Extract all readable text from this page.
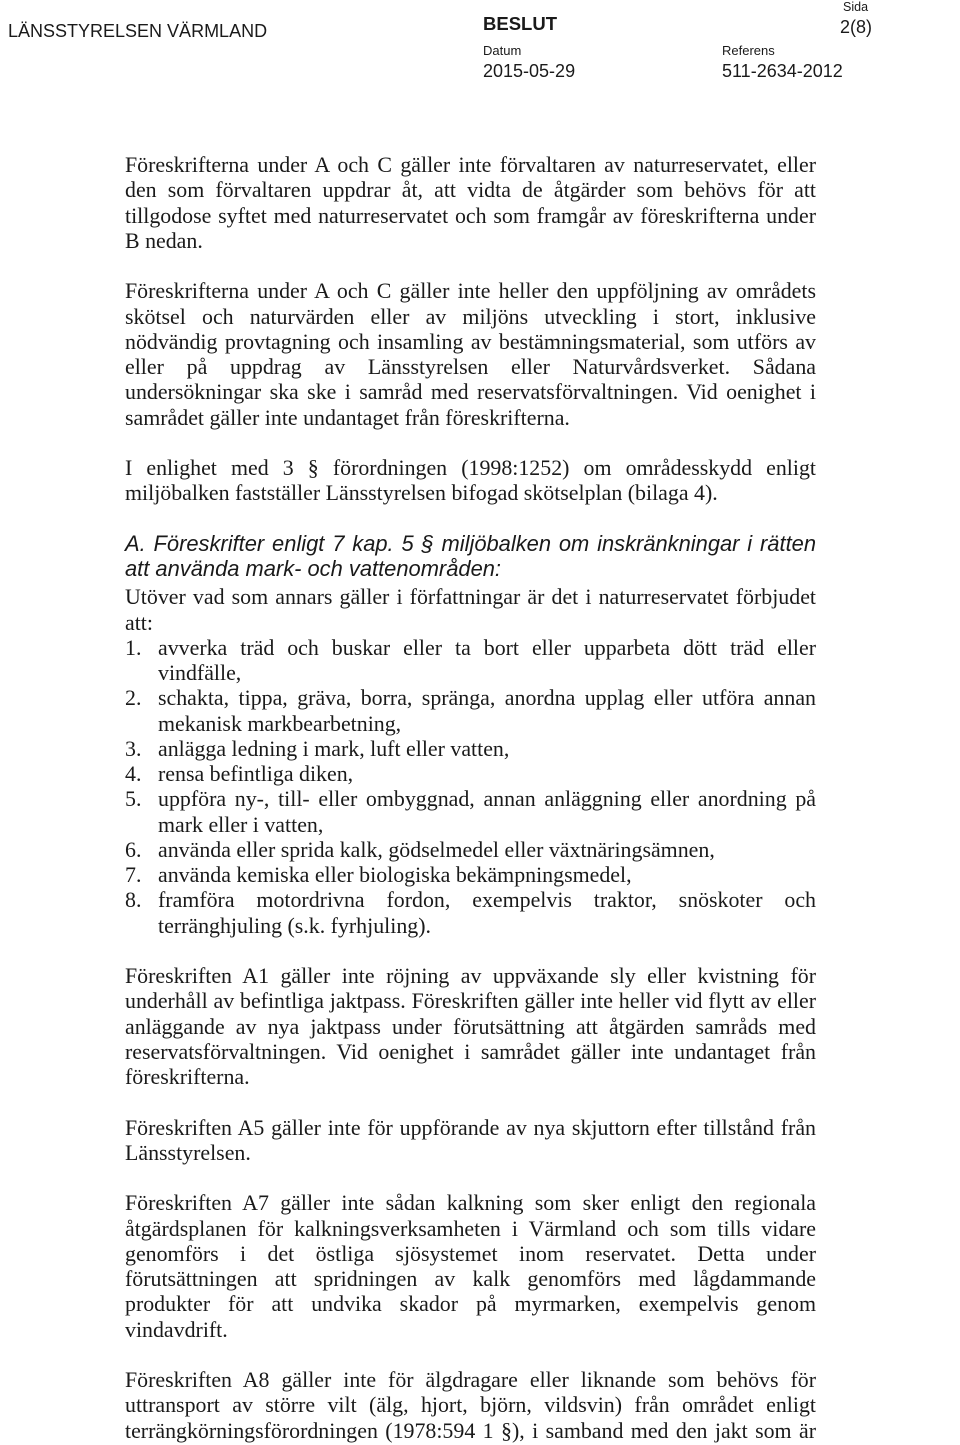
LÄNSSTYRELSEN VÄRMLAND	BESLUT
Sida
2(8)
Datum	Referens
2015-05-29	511-2634-2012
Föreskrifterna under A och C gäller inte förvaltaren av naturreservatet, eller
den som förvaltaren uppdrar åt, att vidta de åtgärder som behövs för att
tillgodose syftet med naturreservatet och som framgår av föreskrifterna under
B nedan.
Föreskrifterna under A och C gäller inte heller den uppföljning av områdets
skötsel och naturvärden eller av miljöns utveckling i stort, inklusive
nödvändig provtagning och insamling av bestämningsmaterial, som utförs av
eller på uppdrag av Länsstyrelsen eller Naturvårdsverket. Sådana
undersökningar ska ske i samråd med reservatsförvaltningen. Vid oenighet i
samrådet gäller inte undantaget från föreskrifterna.
I enlighet med 3 § förordningen (1998:1252) om områdesskydd enligt
miljöbalken fastställer Länsstyrelsen bifogad skötselplan (bilaga 4).
A. Föreskrifter enligt 7 kap. 5 § miljöbalken om inskränkningar i rätten
att använda mark- och vattenområden:
Utöver vad som annars gäller i författningar är det i naturreservatet förbjudet
att:
1. avverka träd och buskar eller ta bort eller upparbeta dött träd eller
vindfälle,
2. schakta, tippa, gräva, borra, spränga, anordna upplag eller utföra annan
mekanisk markbearbetning,
3. anlägga ledning i mark, luft eller vatten,
4. rensa befintliga diken,
5. uppföra ny-, till- eller ombyggnad, annan anläggning eller anordning på
mark eller i vatten,
6. använda eller sprida kalk, gödselmedel eller växtnäringsämnen,
7. använda kemiska eller biologiska bekämpningsmedel,
8. framföra motordrivna fordon, exempelvis traktor, snöskoter och
terränghjuling (s.k. fyrhjuling).
Föreskriften A1 gäller inte röjning av uppväxande sly eller kvistning för
underhåll av befintliga jaktpass. Föreskriften gäller inte heller vid flytt av eller
anläggande av nya jaktpass under förutsättning att åtgärden samråds med
reservatsförvaltningen. Vid oenighet i samrådet gäller inte undantaget från
föreskrifterna.
Föreskriften A5 gäller inte för uppförande av nya skjuttorn efter tillstånd från
Länsstyrelsen.
Föreskriften A7 gäller inte sådan kalkning som sker enligt den regionala
åtgärdsplanen för kalkningsverksamheten i Värmland och som tills vidare
genomförs i det östliga sjösystemet inom reservatet. Detta under
förutsättningen att spridningen av kalk genomförs med lågdammande
produkter för att undvika skador på myrmarken, exempelvis genom
vindavdrift.
Föreskriften A8 gäller inte för älgdragare eller liknande som behövs för
uttransport av större vilt (älg, hjort, björn, vildsvin) från området enligt
terrängkörningsförordningen (1978:594 1 §), i samband med den jakt som är
